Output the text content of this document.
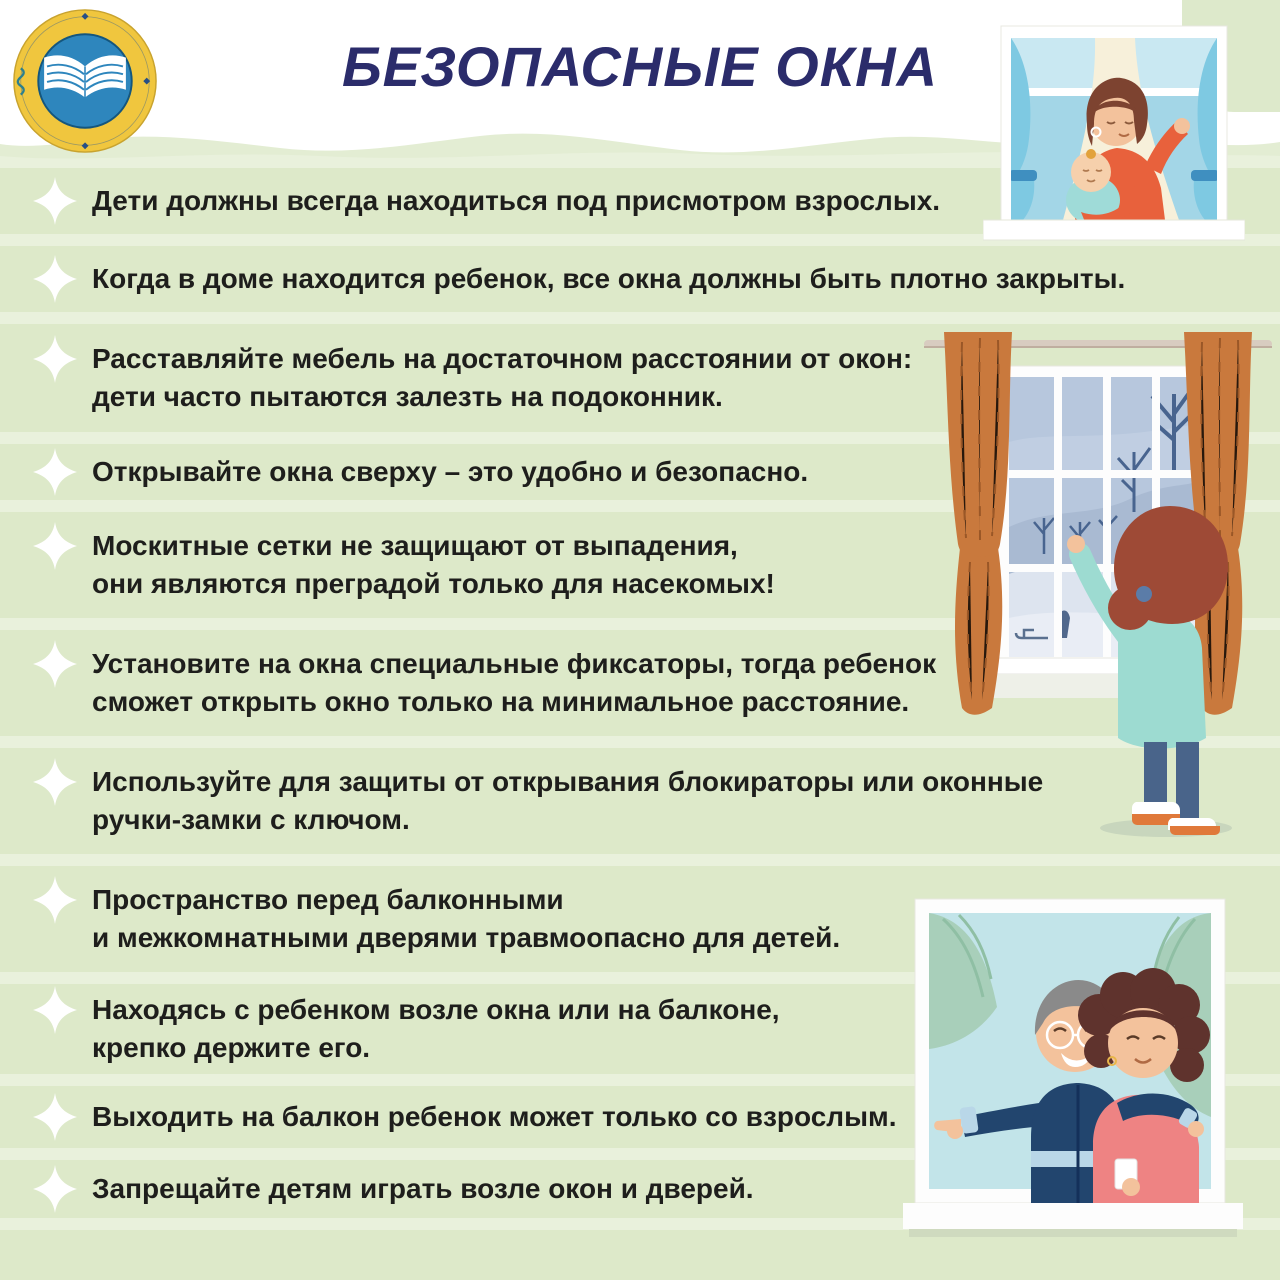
БЕЗОПАСНЫЕ ОКНА
Дети должны всегда находиться под присмотром взрослых.
Когда в доме находится ребенок, все окна должны быть плотно закрыты.
Расставляйте мебель на достаточном расстоянии от окон:
дети часто пытаются залезть на подоконник.
Открывайте окна сверху – это удобно и безопасно.
Москитные сетки не защищают от выпадения,
они являются преградой только для насекомых!
Установите на окна специальные фиксаторы, тогда ребенок
сможет открыть окно только на минимальное расстояние.
Используйте для защиты от открывания блокираторы или оконные
ручки-замки с ключом.
Пространство перед балконными
и межкомнатными дверями травмоопасно для детей.
Находясь с ребенком возле окна или на балконе,
крепко держите его.
Выходить на балкон ребенок может только со взрослым.
Запрещайте детям играть возле окон и дверей.
